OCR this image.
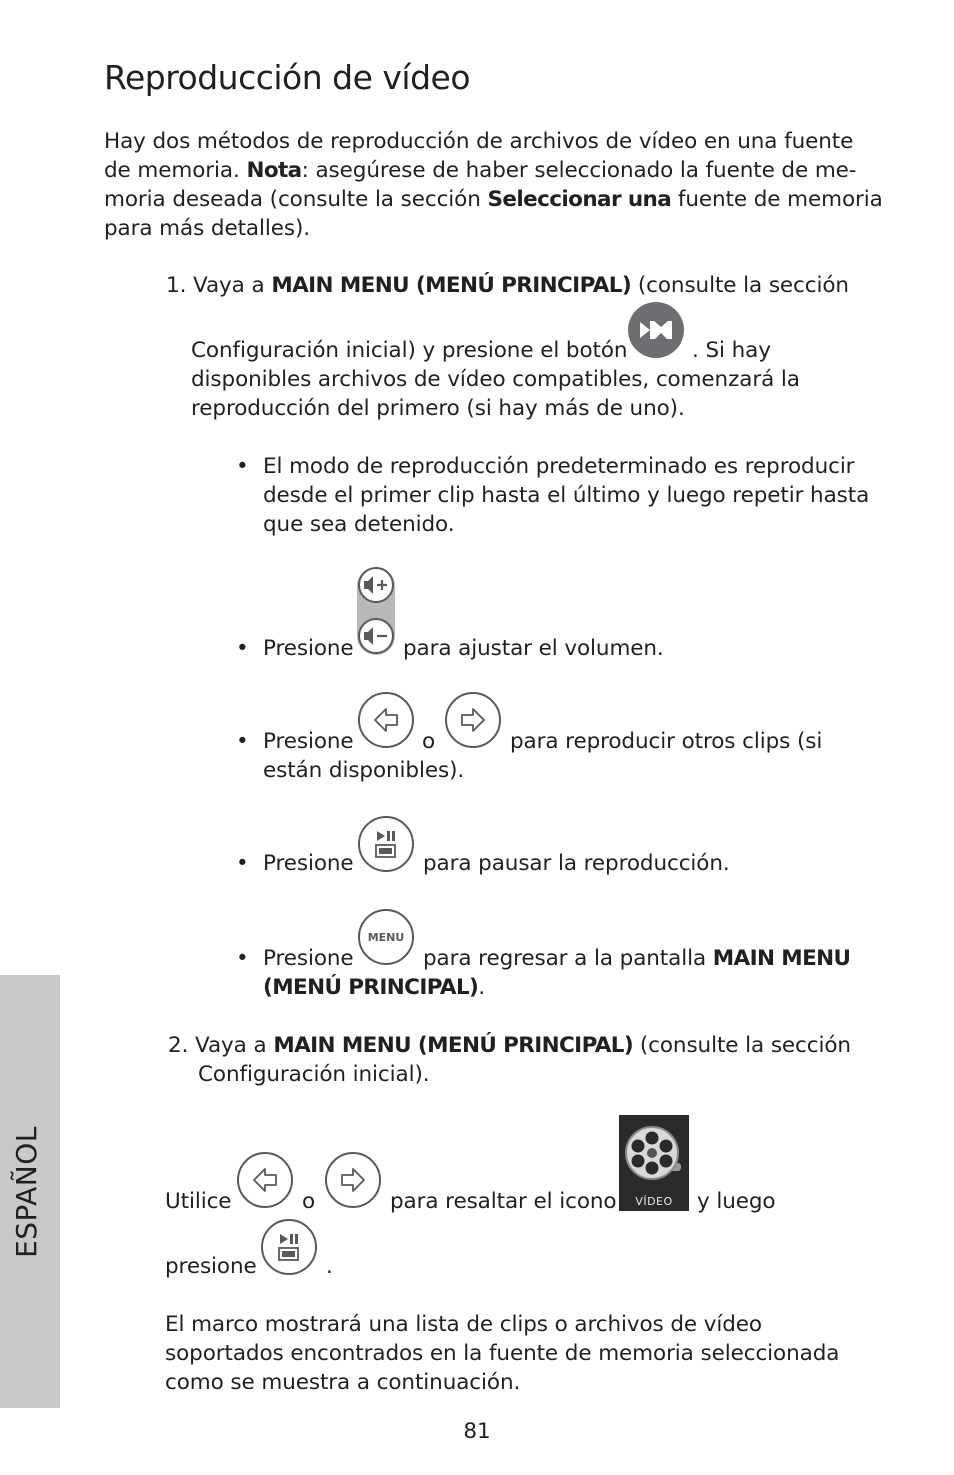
Reproducción de vídeo
Hay dos métodos de reproducción de archivos de vídeo en una fuente
de memoria. Nota: asegúrese de haber seleccionado la fuente de me-
moria deseada (consulte la sección Seleccionar una fuente de memoria
para más detalles).
1. Vaya a MAIN MENU (MENÚ PRINCIPAL) (consulte la sección
Configuración inicial) y presione el botón	. Si hay
disponibles archivos de vídeo compatibles, comenzará la
reproducción del primero (si hay más de uno).
• El modo de reproducción predeterminado es reproducir
desde el primer clip hasta el último y luego repetir hasta
que sea detenido.
• Presione para ajustar el volumen.
• Presione	o	para reproducir otros clips (si
están disponibles).
• Presione	para pausar la reproducción.
• Presione
MENU
para regresar a la pantalla MAIN MENU
(MENÚ PRINCIPAL).
2. Vaya a MAIN MENU (MENÚ PRINCIPAL) (consulte la sección
Configuración inicial).
Utilice	o	para resaltar el icono	VÍDEO	y luego
presione	.
El marco mostrará una lista de clips o archivos de vídeo
soportados encontrados en la fuente de memoria seleccionada
como se muestra a continuación.
ESPAÑOL
81
